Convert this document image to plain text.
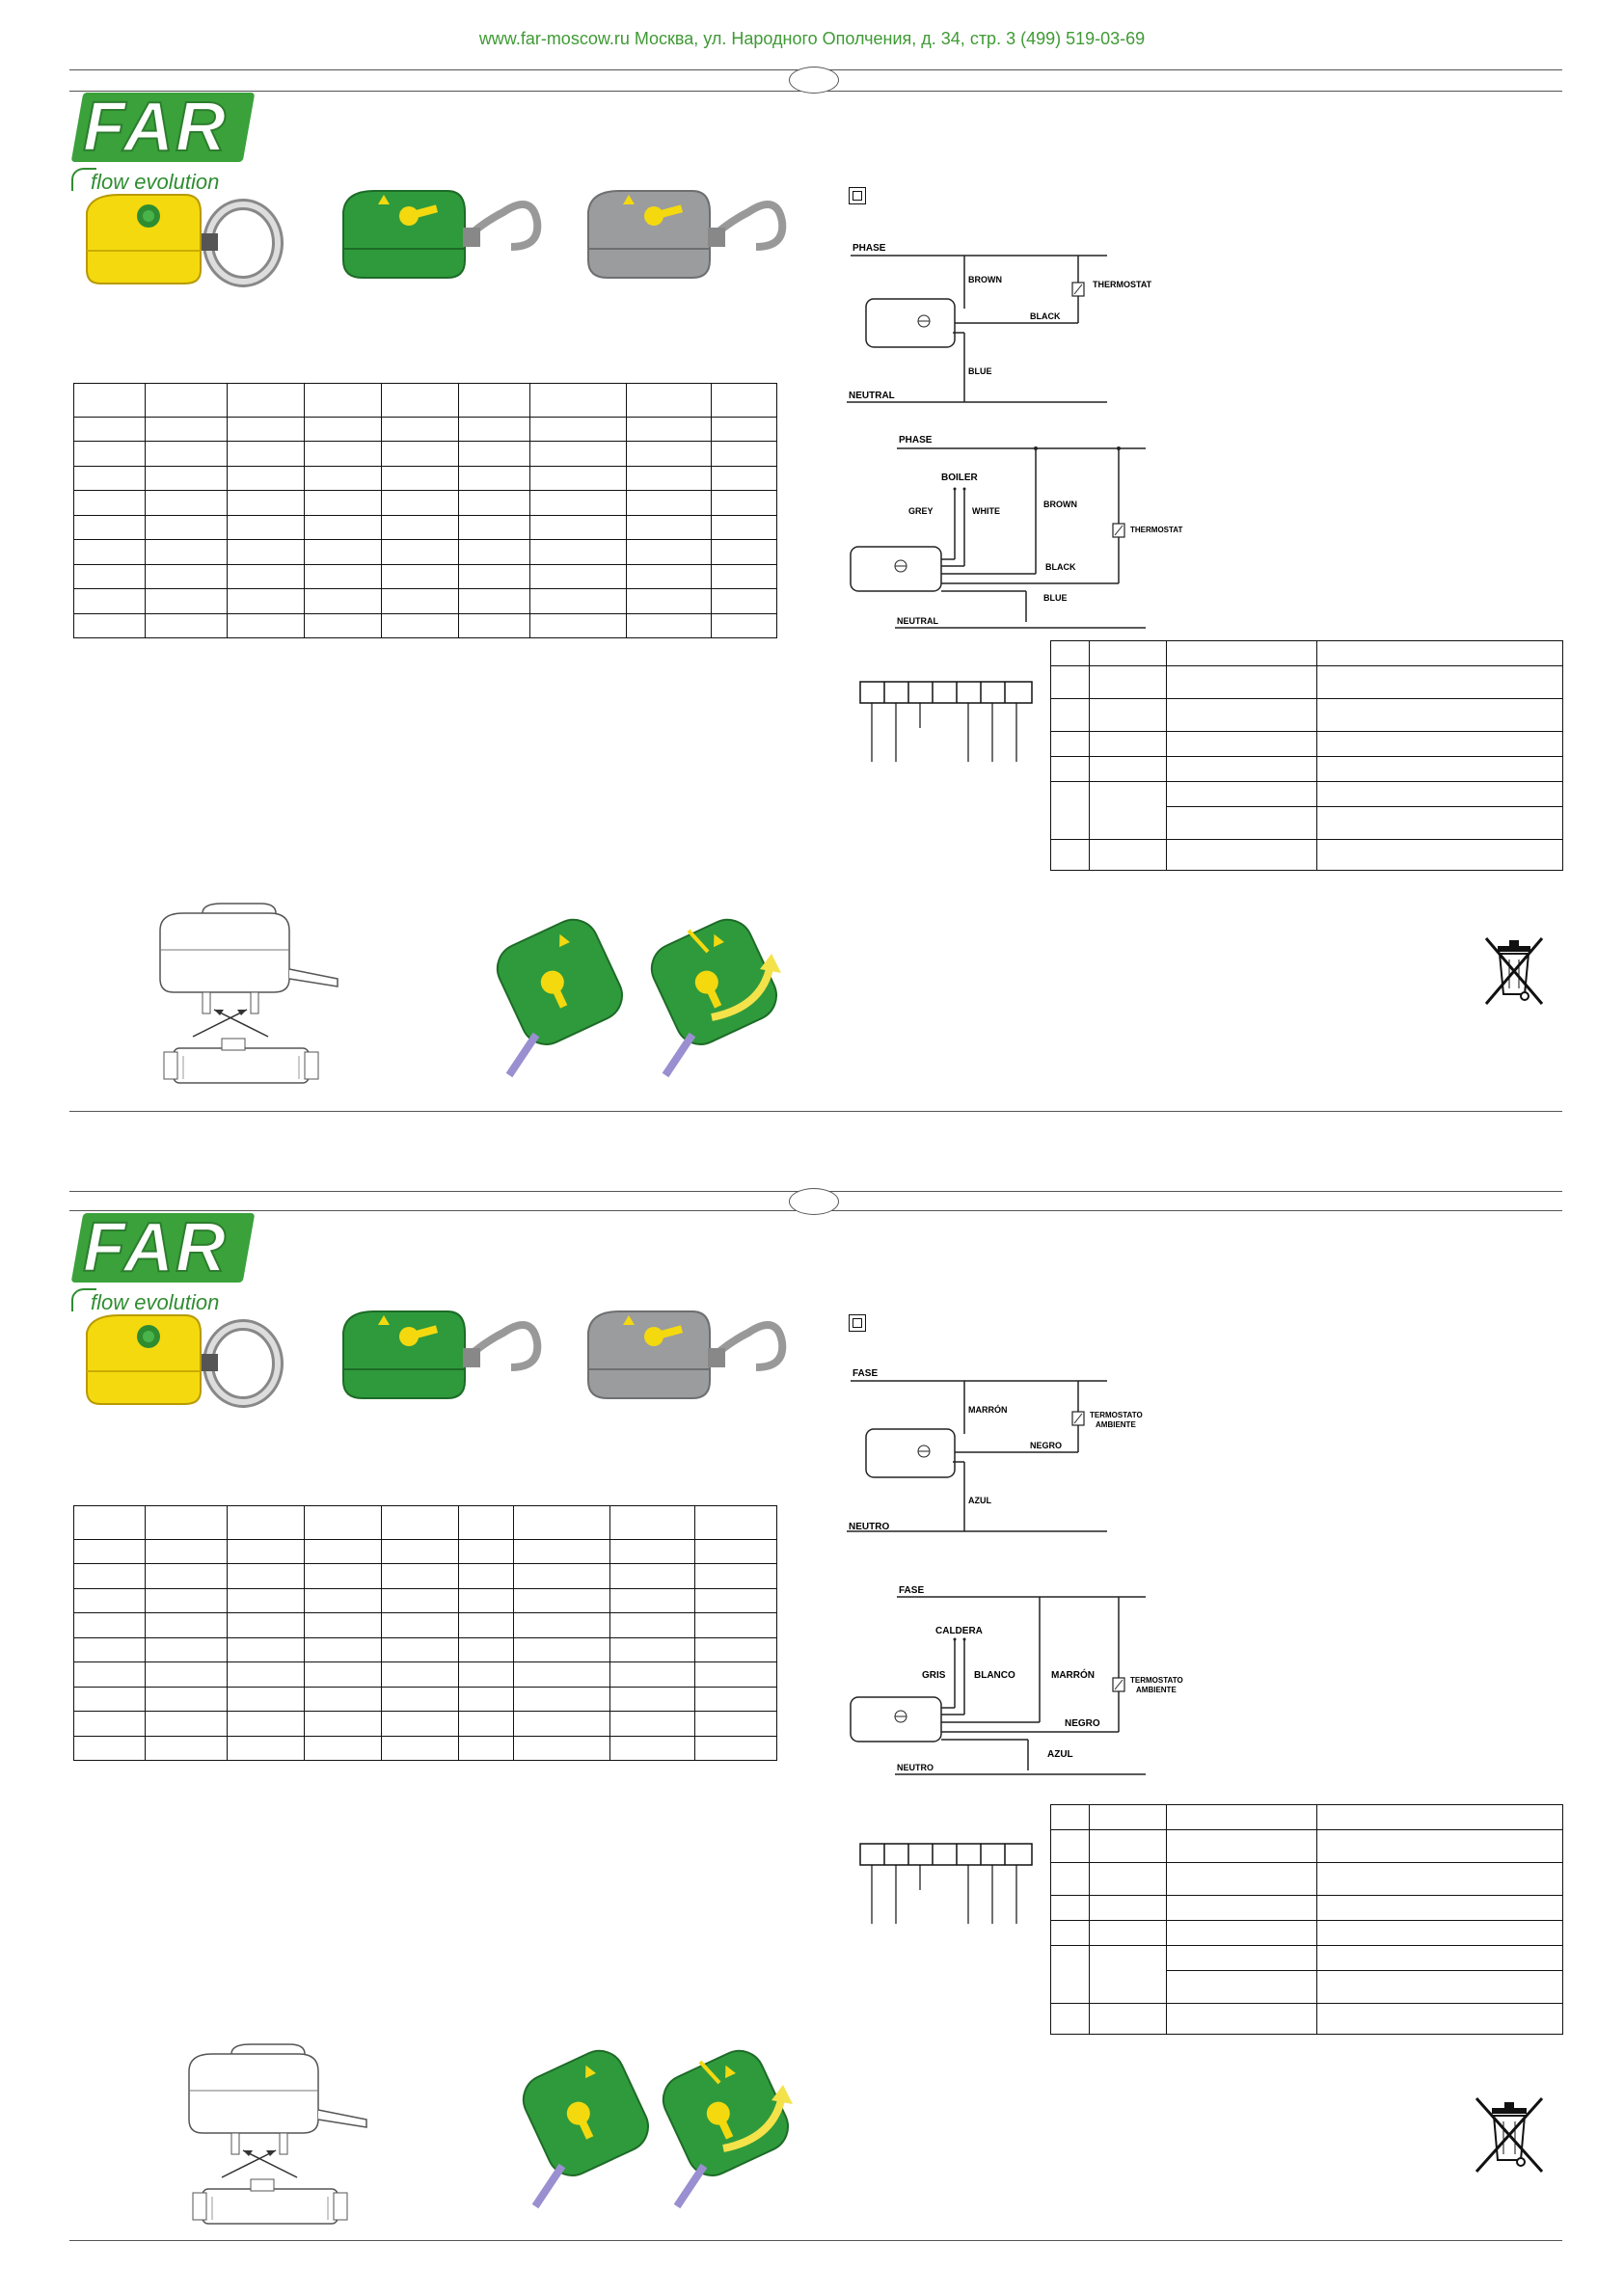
www.far-moscow.ru Москва, ул. Народного Ополчения, д. 34, стр. 3 (499) 519-03-69
FAR
flow evolution

PHASE
BROWN	THERMOSTAT
BLACK
BLUE
NEUTRAL
PHASE
BOILER
GREY	WHITE
BROWN
THERMOSTAT
BLACK
BLUE
NEUTRAL

FAR
flow evolution

FASE
MARRÓN
TERMOSTATO
AMBIENTE
NEGRO
AZUL
NEUTRO
FASE
CALDERA
GRIS	BLANCO	MARRÓN	TERMOSTATO
AMBIENTE
NEGRO
AZUL
NEUTRO
